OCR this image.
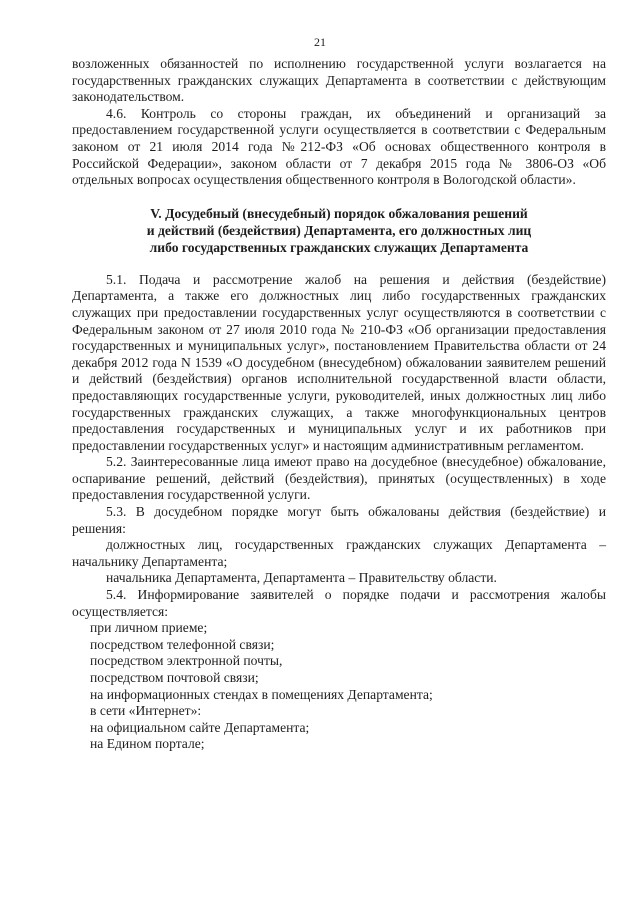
21

возложенных обязанностей по исполнению государственной услуги возлагается на государственных гражданских служащих Департамента в соответствии с действующим законодательством.

4.6. Контроль со стороны граждан, их объединений и организаций за предоставлением государственной услуги осуществляется в соответствии с Федеральным законом от 21 июля 2014 года №212-ФЗ «Об основах общественного контроля в Российской Федерации», законом области от 7 декабря 2015 года № 3806-ОЗ «Об отдельных вопросах осуществления общественного контроля в Вологодской области».

V. Досудебный (внесудебный) порядок обжалования решений
и действий (бездействия) Департамента, его должностных лиц
либо государственных гражданских служащих Департамента

5.1. Подача и рассмотрение жалоб на решения и действия (бездействие) Департамента, а также его должностных лиц либо государственных гражданских служащих при предоставлении государственных услуг осуществляются в соответствии с Федеральным законом от 27 июля 2010 года № 210-ФЗ «Об организации предоставления государственных и муниципальных услуг», постановлением Правительства области от 24 декабря 2012 года N 1539 «О досудебном (внесудебном) обжаловании заявителем решений и действий (бездействия) органов исполнительной государственной власти области, предоставляющих государственные услуги, руководителей, иных должностных лиц либо государственных гражданских служащих, а также многофункциональных центров предоставления государственных и муниципальных услуг и их работников при предоставлении государственных услуг» и настоящим административным регламентом.

5.2. Заинтересованные лица имеют право на досудебное (внесудебное) обжалование, оспаривание решений, действий (бездействия), принятых (осуществленных) в ходе предоставления государственной услуги.

5.3. В досудебном порядке могут быть обжалованы действия (бездействие) и решения:

должностных лиц, государственных гражданских служащих Департамента – начальнику Департамента;

начальника Департамента, Департамента – Правительству области.

5.4. Информирование заявителей о порядке подачи и рассмотрения жалобы осуществляется:

при личном приеме;

посредством телефонной связи;

посредством электронной почты,

посредством почтовой связи;

на информационных стендах в помещениях Департамента;

в сети «Интернет»:

на официальном сайте Департамента;

на Едином портале;
